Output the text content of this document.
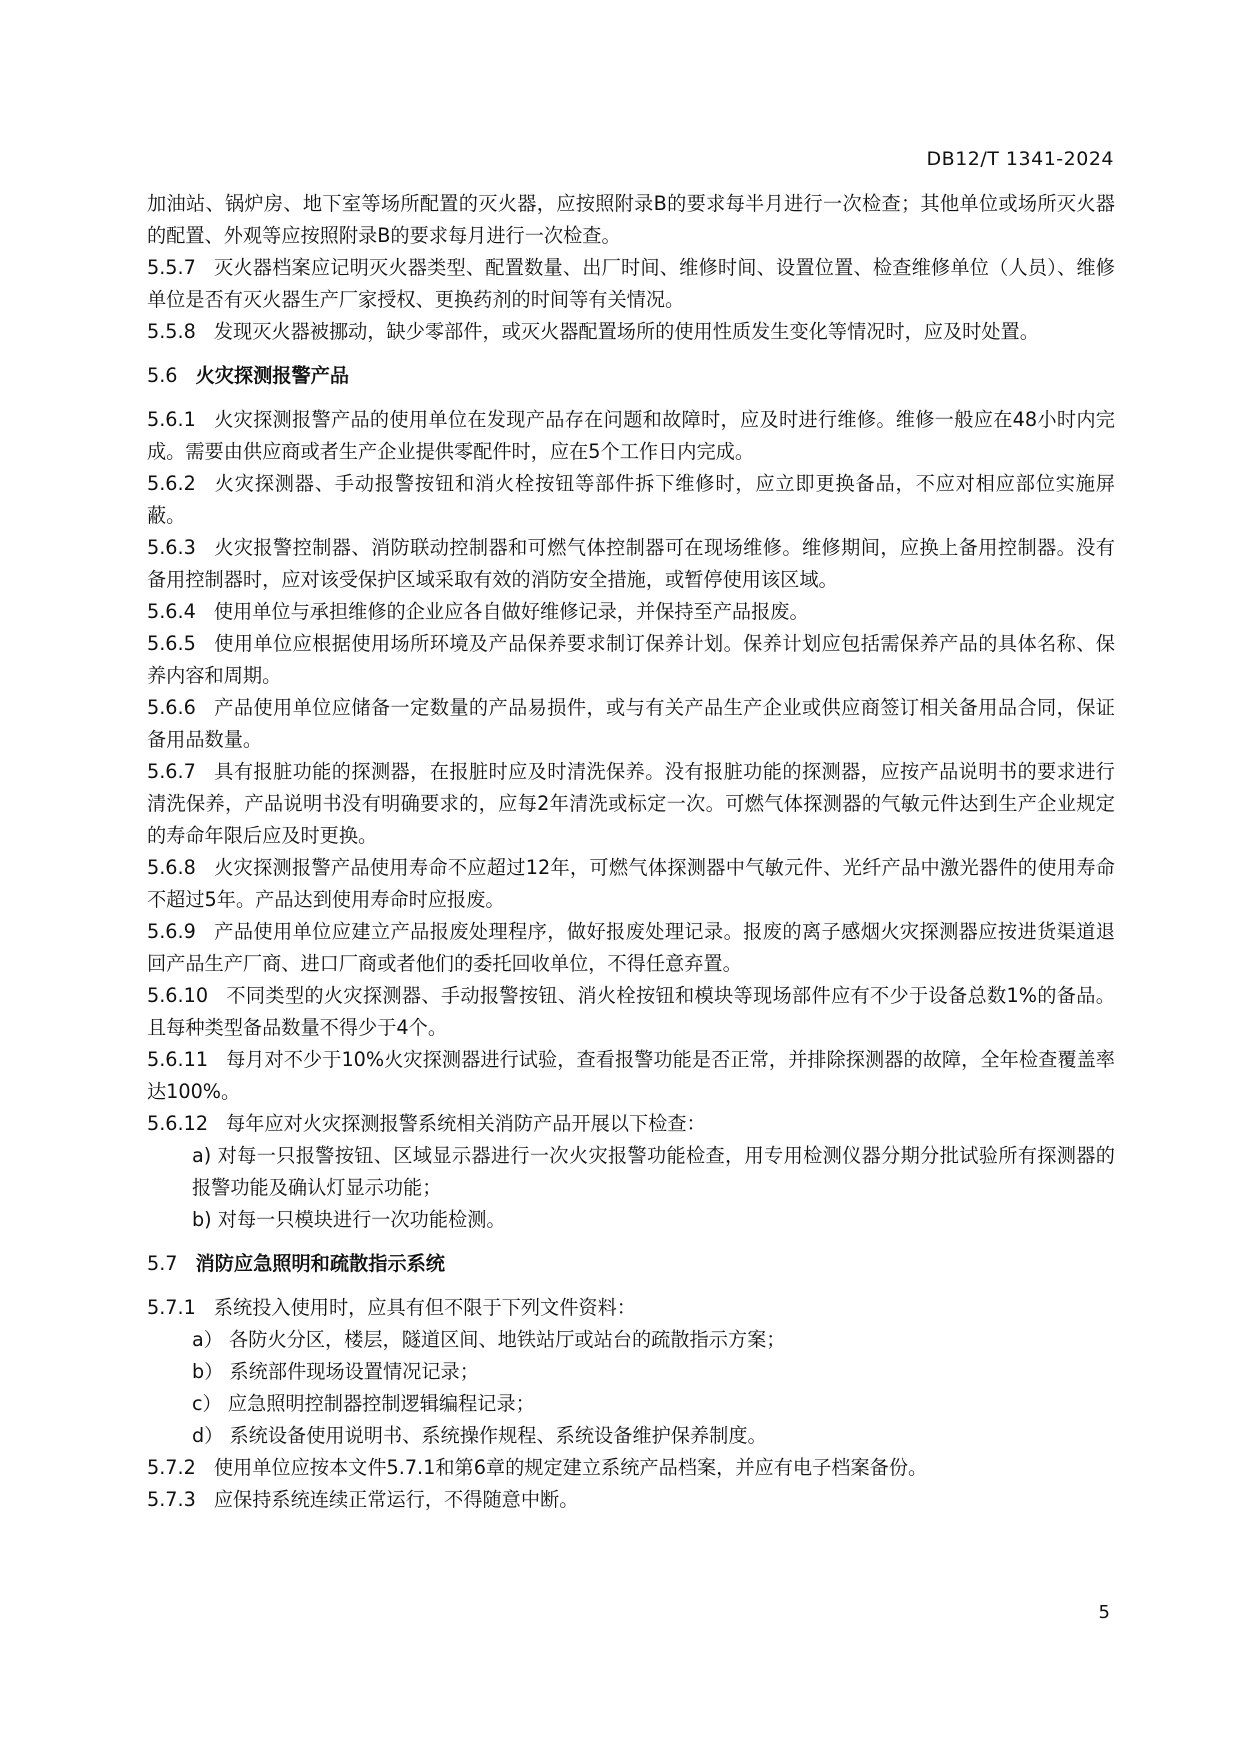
DB12/T 1341-2024

加油站、锅炉房、地下室等场所配置的灭火器，应按照附录B的要求每半月进行一次检查；其他单位或场所灭火器的配置、外观等应按照附录B的要求每月进行一次检查。

5.5.7 灭火器档案应记明灭火器类型、配置数量、出厂时间、维修时间、设置位置、检查维修单位（人员）、维修单位是否有灭火器生产厂家授权、更换药剂的时间等有关情况。

5.5.8 发现灭火器被挪动，缺少零部件，或灭火器配置场所的使用性质发生变化等情况时，应及时处置。

5.6 火灾探测报警产品

5.6.1 火灾探测报警产品的使用单位在发现产品存在问题和故障时，应及时进行维修。维修一般应在48小时内完成。需要由供应商或者生产企业提供零配件时，应在5个工作日内完成。

5.6.2 火灾探测器、手动报警按钮和消火栓按钮等部件拆下维修时，应立即更换备品，不应对相应部位实施屏蔽。

5.6.3 火灾报警控制器、消防联动控制器和可燃气体控制器可在现场维修。维修期间，应换上备用控制器。没有备用控制器时，应对该受保护区域采取有效的消防安全措施，或暂停使用该区域。

5.6.4 使用单位与承担维修的企业应各自做好维修记录，并保持至产品报废。

5.6.5 使用单位应根据使用场所环境及产品保养要求制订保养计划。保养计划应包括需保养产品的具体名称、保养内容和周期。

5.6.6 产品使用单位应储备一定数量的产品易损件，或与有关产品生产企业或供应商签订相关备用品合同，保证备用品数量。

5.6.7 具有报脏功能的探测器，在报脏时应及时清洗保养。没有报脏功能的探测器，应按产品说明书的要求进行清洗保养，产品说明书没有明确要求的，应每2年清洗或标定一次。可燃气体探测器的气敏元件达到生产企业规定的寿命年限后应及时更换。

5.6.8 火灾探测报警产品使用寿命不应超过12年，可燃气体探测器中气敏元件、光纤产品中激光器件的使用寿命不超过5年。产品达到使用寿命时应报废。

5.6.9 产品使用单位应建立产品报废处理程序，做好报废处理记录。报废的离子感烟火灾探测器应按进货渠道退回产品生产厂商、进口厂商或者他们的委托回收单位，不得任意弃置。

5.6.10 不同类型的火灾探测器、手动报警按钮、消火栓按钮和模块等现场部件应有不少于设备总数1%的备品。且每种类型备品数量不得少于4个。

5.6.11 每月对不少于10%火灾探测器进行试验，查看报警功能是否正常，并排除探测器的故障，全年检查覆盖率达100%。

5.6.12 每年应对火灾探测报警系统相关消防产品开展以下检查：

a) 对每一只报警按钮、区域显示器进行一次火灾报警功能检查，用专用检测仪器分期分批试验所有探测器的报警功能及确认灯显示功能；

b) 对每一只模块进行一次功能检测。

5.7 消防应急照明和疏散指示系统

5.7.1 系统投入使用时，应具有但不限于下列文件资料：

a） 各防火分区，楼层，隧道区间、地铁站厅或站台的疏散指示方案；

b） 系统部件现场设置情况记录；

c） 应急照明控制器控制逻辑编程记录；

d） 系统设备使用说明书、系统操作规程、系统设备维护保养制度。

5.7.2 使用单位应按本文件5.7.1和第6章的规定建立系统产品档案，并应有电子档案备份。

5.7.3 应保持系统连续正常运行，不得随意中断。

5
